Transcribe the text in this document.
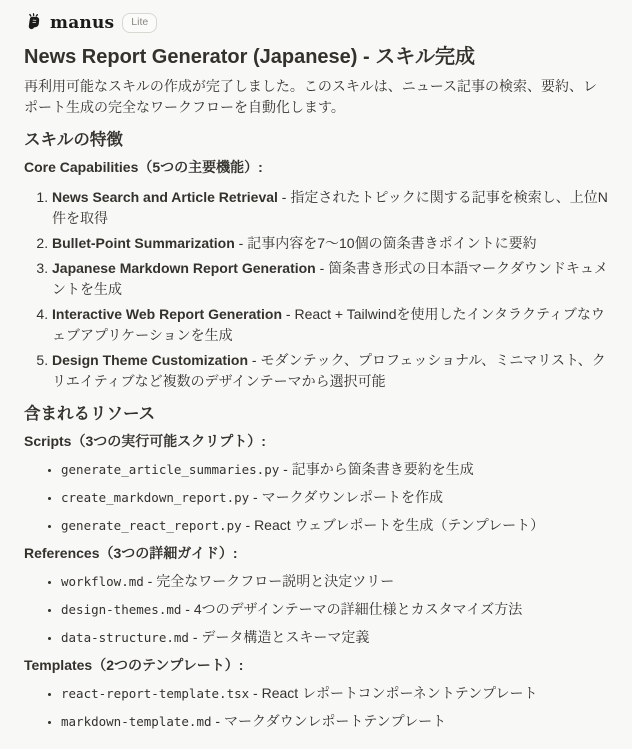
manus	Lite
News Report Generator (Japanese) - スキル完成

再利用可能なスキルの作成が完了しました。このスキルは、ニュース記事の検索、要約、レポート生成の完全なワークフローを自動化します。

スキルの特徴

Core Capabilities（5つの主要機能）:

1. News Search and Article Retrieval - 指定されたトピックに関する記事を検索し、上位N件を取得
2. Bullet-Point Summarization - 記事内容を7～10個の箇条書きポイントに要約
3. Japanese Markdown Report Generation - 箇条書き形式の日本語マークダウンドキュメントを生成
4. Interactive Web Report Generation - React + Tailwindを使用したインタラクティブなウェブアプリケーションを生成
5. Design Theme Customization - モダンテック、プロフェッショナル、ミニマリスト、クリエイティブなど複数のデザインテーマから選択可能
含まれるリソース

Scripts（3つの実行可能スクリプト）:

• generate_article_summaries.py - 記事から箇条書き要約を生成
• create_markdown_report.py - マークダウンレポートを作成
• generate_react_report.py - React ウェブレポートを生成（テンプレート）

References（3つの詳細ガイド）:

• workflow.md - 完全なワークフロー説明と決定ツリー
• design-themes.md - 4つのデザインテーマの詳細仕様とカスタマイズ方法
• data-structure.md - データ構造とスキーマ定義

Templates（2つのテンプレート）:

• react-report-template.tsx - React レポートコンポーネントテンプレート
• markdown-template.md - マークダウンレポートテンプレート
